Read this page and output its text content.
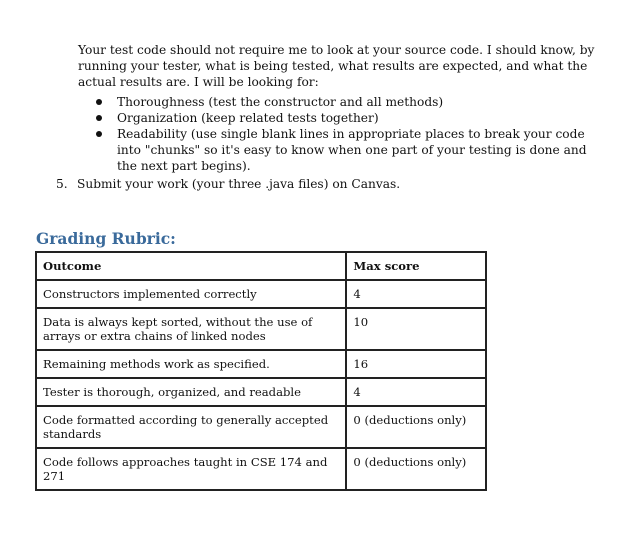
Your test code should not require me to look at your source code. I should know, by running your tester, what is being tested, what results are expected, and what the actual results are. I will be looking for:

Thoroughness (test the constructor and all methods)
Organization (keep related tests together)
Readability (use single blank lines in appropriate places to break your code into "chunks" so it's easy to know when one part of your testing is done and the next part begins).

5. Submit your work (your three .java files) on Canvas.

Grading Rubric:
Outcome	Max score
Constructors implemented correctly	4
Data is always kept sorted, without the use of arrays or extra chains of linked nodes	10
Remaining methods work as specified.	16
Tester is thorough, organized, and readable	4
Code formatted according to generally accepted standards	0 (deductions only)
Code follows approaches taught in CSE 174 and 271	0 (deductions only)
